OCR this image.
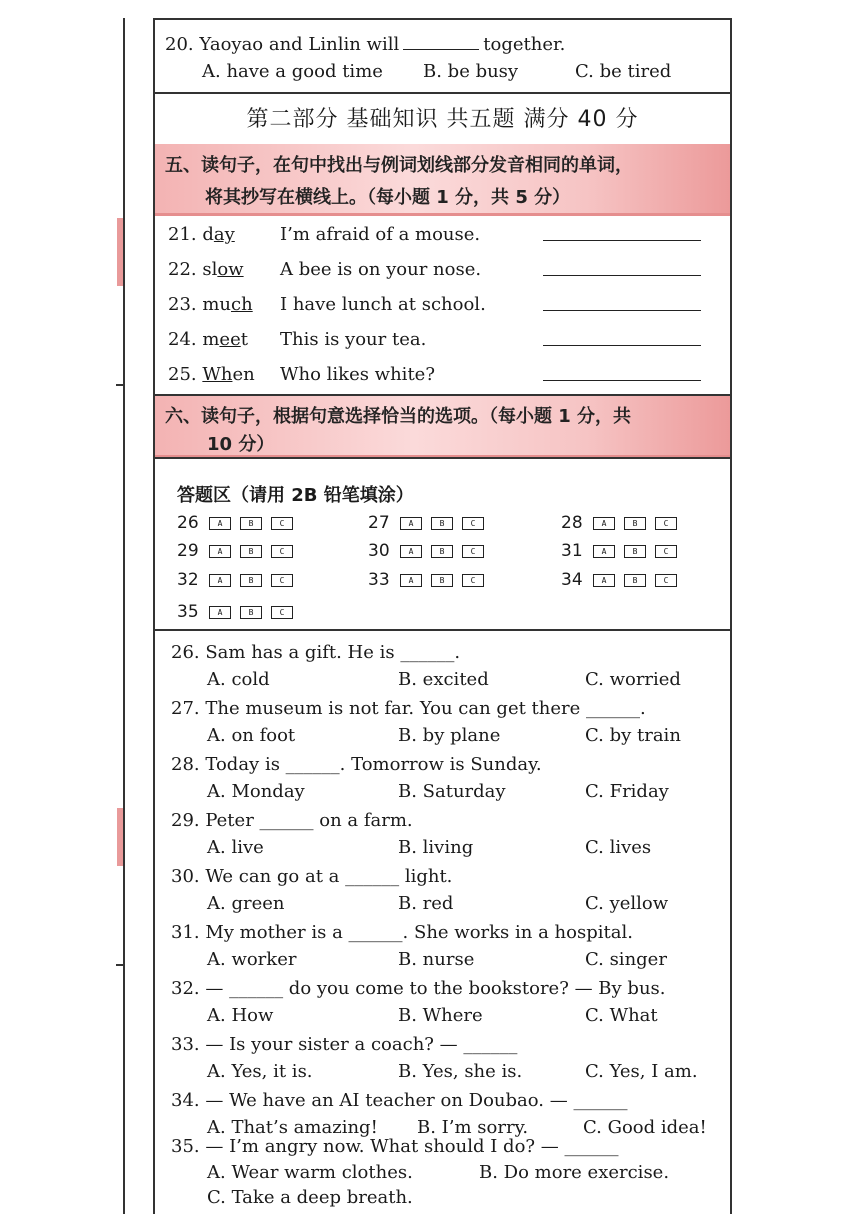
20. Yaoyao and Linlin will	together.
A. have a good time B. be busy	C. be tired
第二部分 基础知识 共五题 满分 40 分
五、读句子，在句中找出与例词划线部分发音相同的单词，
将其抄写在横线上。（每小题 1 分，共 5 分）
21. day	I’m afraid of a mouse.
22. slow A bee is on your nose.
23. much I have lunch at school.
24. meet This is your tea.
25. When Who likes white?
六、读句子，根据句意选择恰当的选项。（每小题 1 分，共
10 分）
答题区（请用 2B 铅笔填涂）
26	A	B	C	27	A	B	C	28	A	B	C
29	A	B	C	30	A	B	C	31	A	B	C
32	A	B	C	33	A	B	C	34	A	B	C
35	A	B	C
26. Sam has a gift. He is ______.
A. cold	B. excited	C. worried
27. The museum is not far. You can get there ______.
A. on foot	B. by plane	C. by train
28. Today is ______. Tomorrow is Sunday.
A. Monday	B. Saturday	C. Friday
29. Peter ______ on a farm.
A. live	B. living	C. lives
30. We can go at a ______ light.
A. green	B. red	C. yellow
31. My mother is a ______. She works in a hospital.
A. worker	B. nurse	C. singer
32. — ______ do you come to the bookstore? — By bus.
A. How	B. Where	C. What
33. — Is your sister a coach? — ______
A. Yes, it is.	B. Yes, she is.	C. Yes, I am.
34. — We have an AI teacher on Doubao. — ______
A. That’s amazing! B. I’m sorry.	C. Good idea!
35. — I’m angry now. What should I do? — ______
A. Wear warm clothes.	B. Do more exercise.
C. Take a deep breath.
